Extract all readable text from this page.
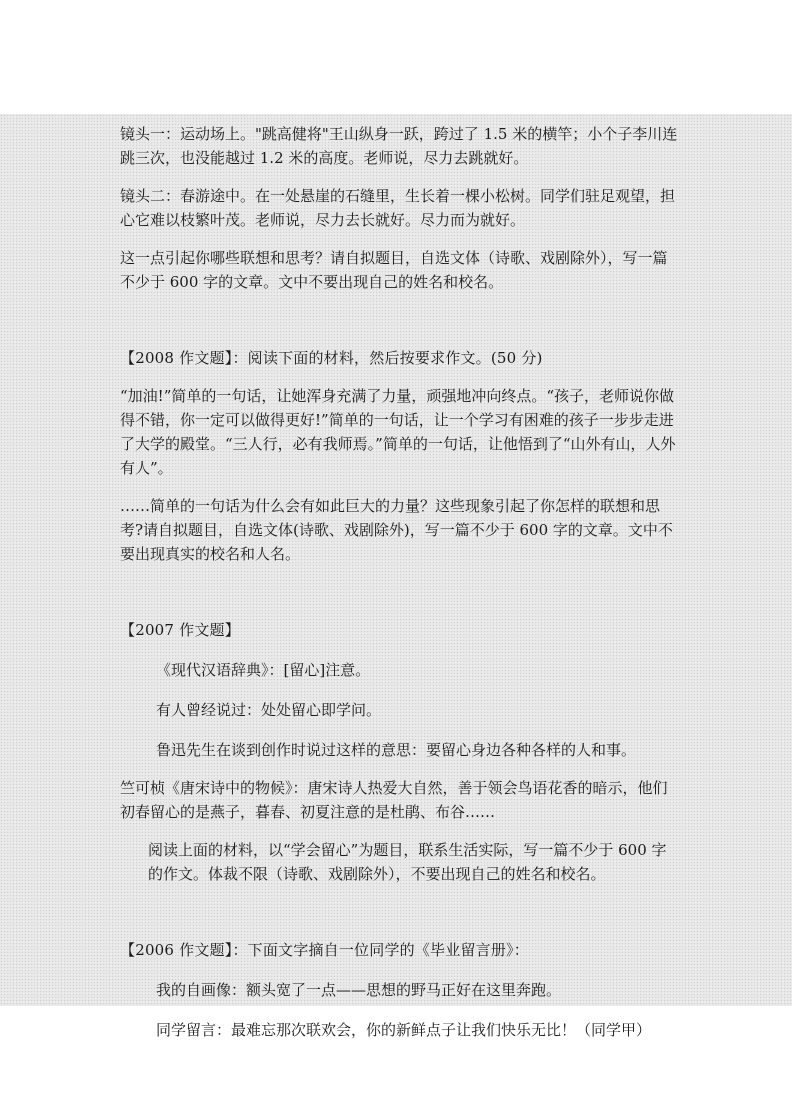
镜头一：运动场上。"跳高健将"王山纵身一跃，跨过了 1.5 米的横竿；小个子李川连跳三次，也没能越过 1.2 米的高度。老师说，尽力去跳就好。

镜头二：春游途中。在一处悬崖的石缝里，生长着一棵小松树。同学们驻足观望，担心它难以枝繁叶茂。老师说，尽力去长就好。尽力而为就好。

这一点引起你哪些联想和思考？请自拟题目，自选文体（诗歌、戏剧除外），写一篇不少于 600 字的文章。文中不要出现自己的姓名和校名。

【2008 作文题】：阅读下面的材料，然后按要求作文。(50 分)

“加油!”简单的一句话，让她浑身充满了力量，顽强地冲向终点。“孩子，老师说你做得不错，你一定可以做得更好!”简单的一句话，让一个学习有困难的孩子一步步走进了大学的殿堂。“三人行，必有我师焉。”简单的一句话，让他悟到了“山外有山，人外有人”。

……简单的一句话为什么会有如此巨大的力量？这些现象引起了你怎样的联想和思考?请自拟题目，自选文体(诗歌、戏剧除外)，写一篇不少于 600 字的文章。文中不要出现真实的校名和人名。

【2007 作文题】

《现代汉语辞典》：[留心]注意。

有人曾经说过：处处留心即学问。

鲁迅先生在谈到创作时说过这样的意思：要留心身边各种各样的人和事。

竺可桢《唐宋诗中的物候》：唐宋诗人热爱大自然，善于领会鸟语花香的暗示，他们初春留心的是燕子，暮春、初夏注意的是杜鹃、布谷……

阅读上面的材料，以“学会留心”为题目，联系生活实际，写一篇不少于 600 字的作文。体裁不限（诗歌、戏剧除外），不要出现自己的姓名和校名。

【2006 作文题】：下面文字摘自一位同学的《毕业留言册》：

我的自画像：额头宽了一点——思想的野马正好在这里奔跑。

同学留言：最难忘那次联欢会，你的新鲜点子让我们快乐无比！（同学甲）
